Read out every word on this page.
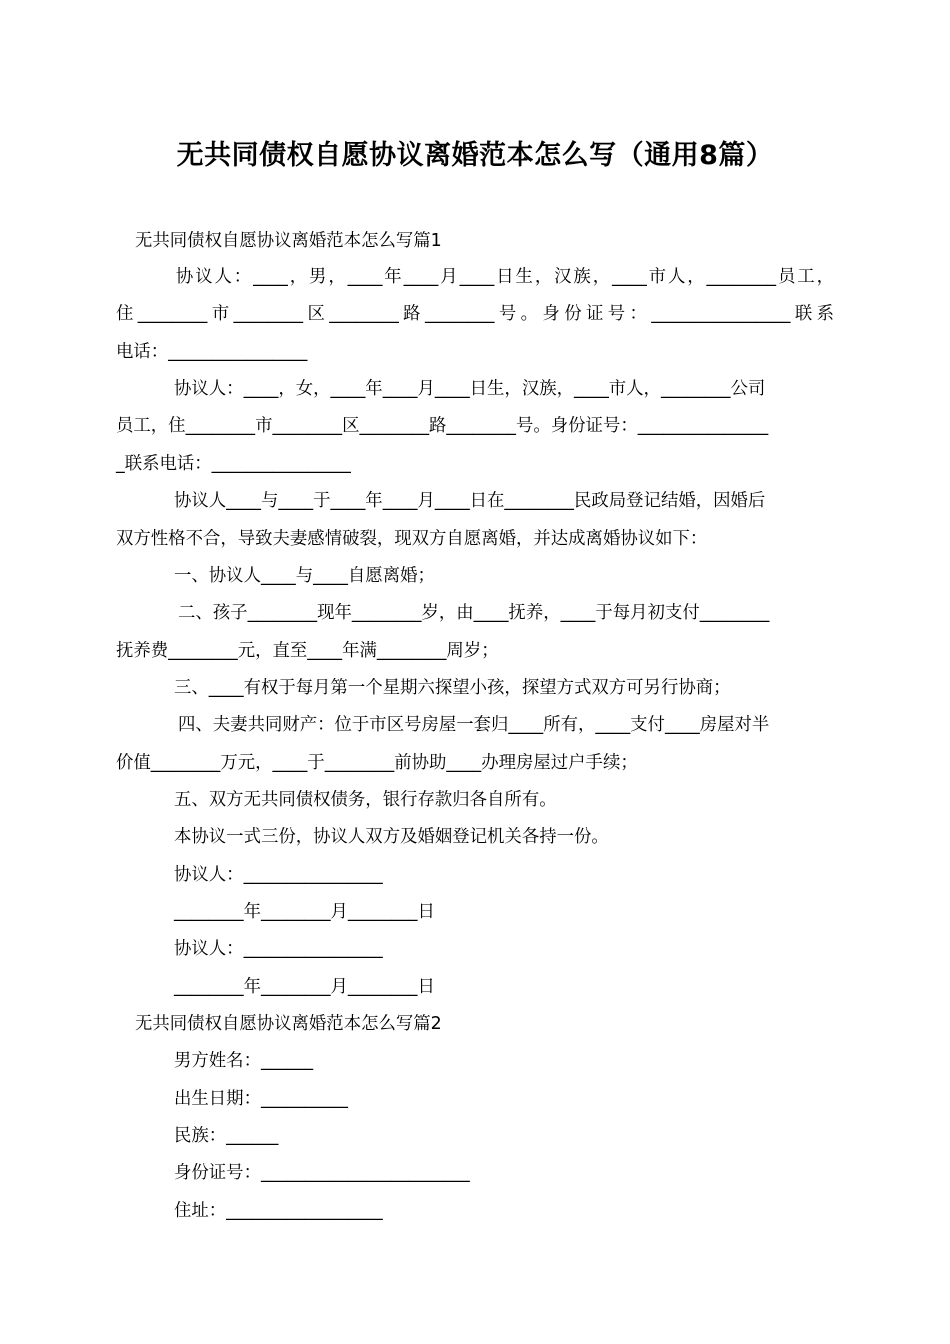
无共同债权自愿协议离婚范本怎么写（通用8篇）
无共同债权自愿协议离婚范本怎么写篇1
协议人：____，男，____年____月____日生，汉族，____市人，________员工，
住________市________区________路________号。身份证号：________________联系
电话：________________
协议人：____，女，____年____月____日生，汉族，____市人，________公司
员工，住________市________区________路________号。身份证号：_______________
_联系电话：________________
协议人____与____于____年____月____日在________民政局登记结婚，因婚后
双方性格不合，导致夫妻感情破裂，现双方自愿离婚，并达成离婚协议如下：
一、协议人____与____自愿离婚；
二、孩子________现年________岁，由____抚养，____于每月初支付________
抚养费________元，直至____年满________周岁；
三、____有权于每月第一个星期六探望小孩，探望方式双方可另行协商；
四、夫妻共同财产：位于市区号房屋一套归____所有，____支付____房屋对半
价值________万元，____于________前协助____办理房屋过户手续；
五、双方无共同债权债务，银行存款归各自所有。
本协议一式三份，协议人双方及婚姻登记机关各持一份。
协议人：________________
________年________月________日
协议人：________________
________年________月________日
无共同债权自愿协议离婚范本怎么写篇2
男方姓名：______
出生日期：__________
民族：______
身份证号：________________________
住址：__________________
